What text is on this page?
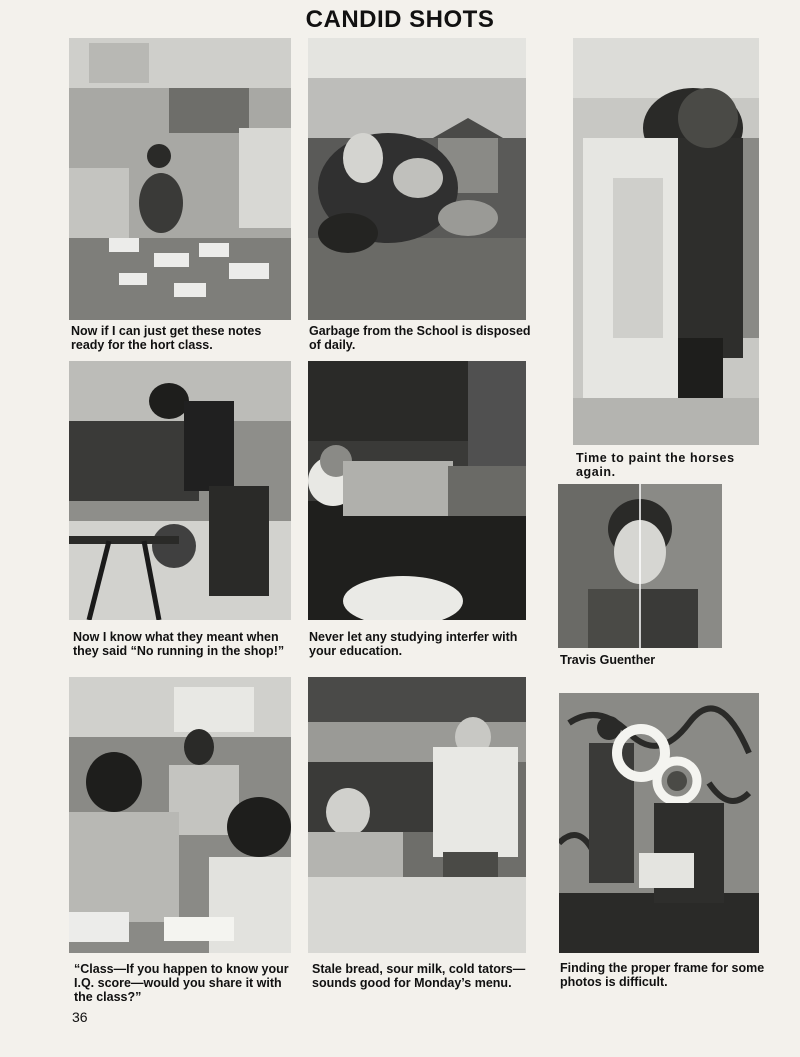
CANDID SHOTS
Now if I can just get these notes ready for the hort class.
Garbage from the School is disposed of daily.
Time to paint the horses again.
Now I know what they meant when they said “No running in the shop!”
Never let any studying interfer with your education.
Travis Guenther
“Class—If you happen to know your I.Q. score—would you share it with the class?”
Stale bread, sour milk, cold tators—sounds good for Monday’s menu.
Finding the proper frame for some photos is difficult.
36
